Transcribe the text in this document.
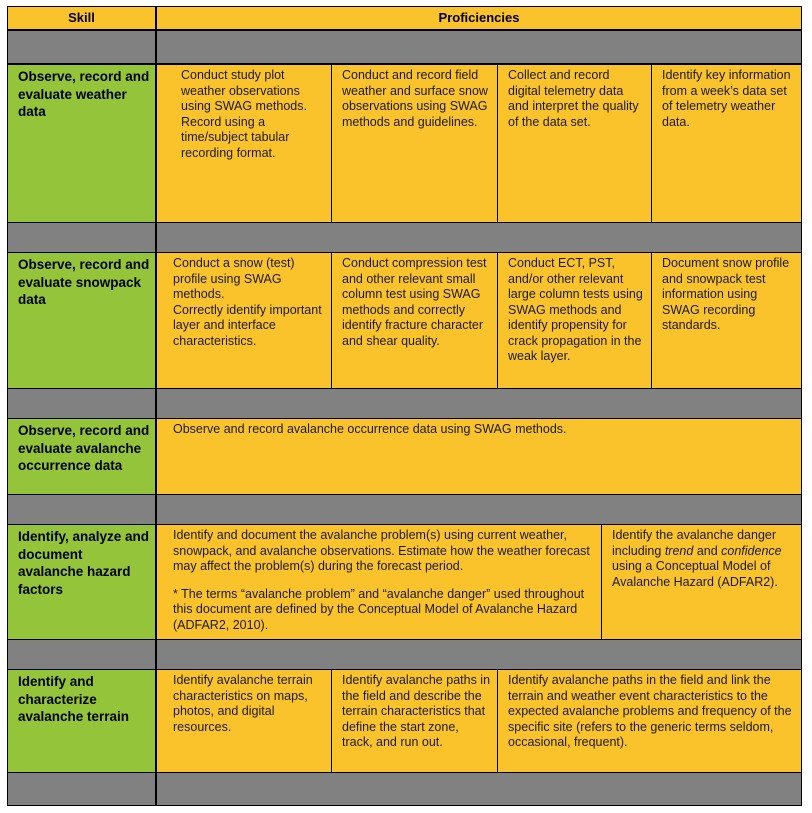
Skill	Proficiencies
Observe, record and evaluate weather data
Conduct study plot weather observations using SWAG methods. Record using a time/subject tabular recording format.
Conduct and record field weather and surface snow observations using SWAG methods and guidelines.
Collect and record digital telemetry data and interpret the quality of the data set.
Identify key information from a week’s data set of telemetry weather data.
Observe, record and evaluate snowpack data

Conduct a snow (test) profile using SWAG methods.

Correctly identify important layer and interface characteristics.

Conduct compression test and other relevant small column test using SWAG methods and correctly identify fracture character and shear quality.
Conduct ECT, PST, and/or other relevant large column tests using SWAG methods and identify propensity for crack propagation in the weak layer.
Document snow profile and snowpack test information using SWAG recording standards.
Observe, record and evaluate avalanche occurrence data
Observe and record avalanche occurrence data using SWAG methods.
Identify, analyze and document avalanche hazard factors

Identify and document the avalanche problem(s) using current weather, snowpack, and avalanche observations. Estimate how the weather forecast may affect the problem(s) during the forecast period.

* The terms “avalanche problem” and “avalanche danger” used throughout this document are defined by the Conceptual Model of Avalanche Hazard (ADFAR2, 2010).

Identify the avalanche danger including trend and confidence using a Conceptual Model of Avalanche Hazard (ADFAR2).
Identify and characterize avalanche terrain
Identify avalanche terrain characteristics on maps, photos, and digital resources.
Identify avalanche paths in the field and describe the terrain characteristics that define the start zone, track, and run out.
Identify avalanche paths in the field and link the terrain and weather event characteristics to the expected avalanche problems and frequency of the specific site (refers to the generic terms seldom, occasional, frequent).
